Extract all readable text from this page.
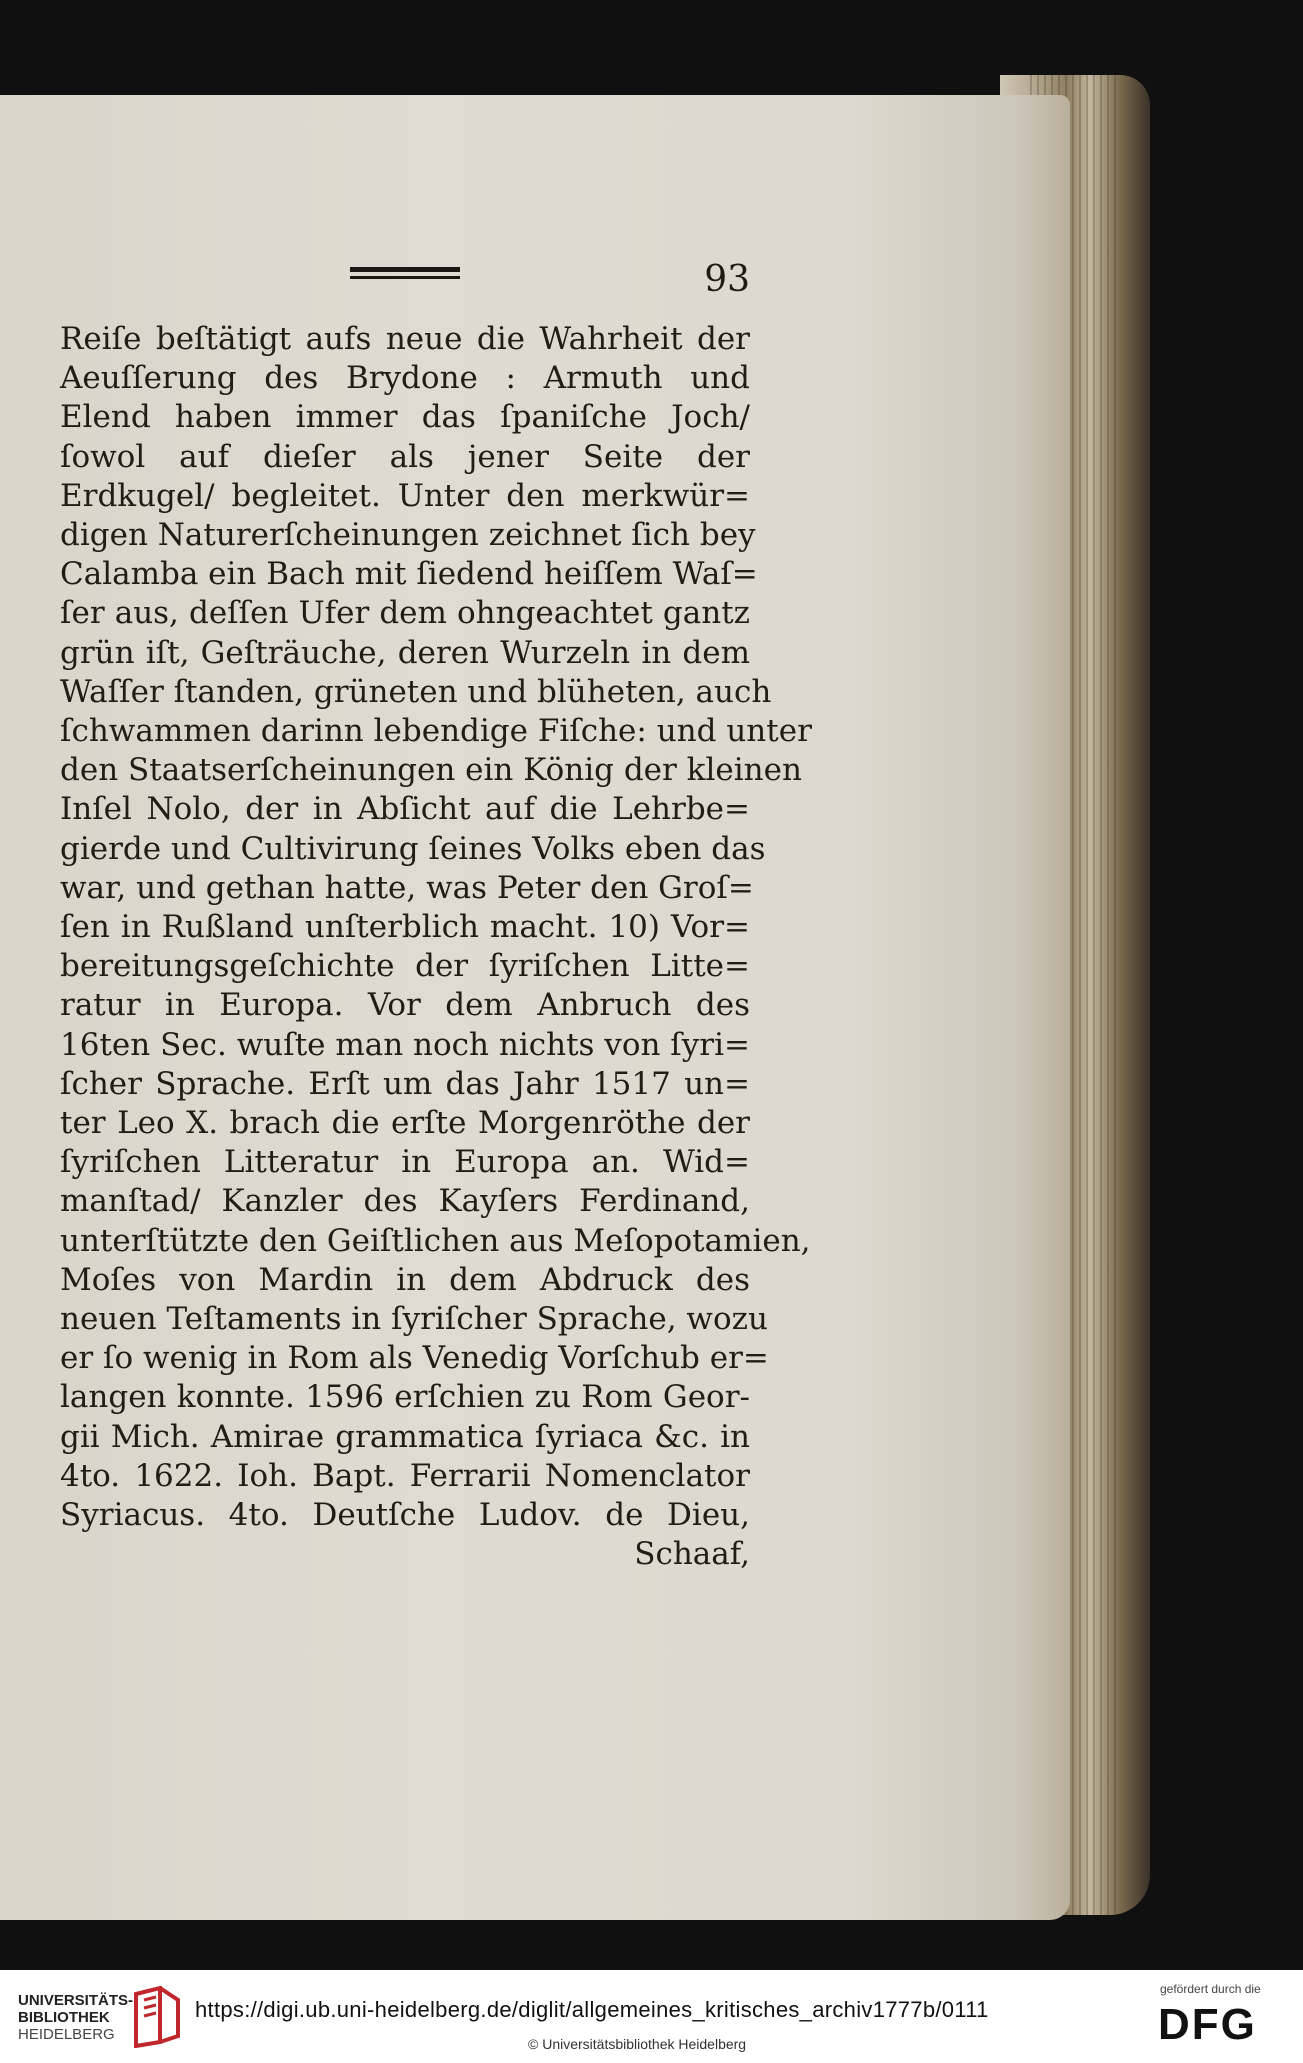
93
Reiſe beſtätigt aufs neue die Wahrheit der
Aeuſſerung des Brydone : Armuth und
Elend haben immer das ſpaniſche Joch/
ſowol auf dieſer als jener Seite der
Erdkugel/ begleitet. Unter den merkwür=
digen Naturerſcheinungen zeichnet ſich bey
Calamba ein Bach mit ſiedend heiſſem Waſ=
ſer aus, deſſen Ufer dem ohngeachtet gantz
grün iſt, Geſträuche, deren Wurzeln in dem
Waſſer ſtanden, grüneten und blüheten, auch
ſchwammen darinn lebendige Fiſche: und unter
den Staatserſcheinungen ein König der kleinen
Inſel Nolo, der in Abſicht auf die Lehrbe=
gierde und Cultivirung ſeines Volks eben das
war, und gethan hatte, was Peter den Groſ=
ſen in Rußland unſterblich macht. 10) Vor=
bereitungsgeſchichte der ſyriſchen Litte=
ratur in Europa. Vor dem Anbruch des
16ten Sec. wuſte man noch nichts von ſyri=
ſcher Sprache. Erſt um das Jahr 1517 un=
ter Leo X. brach die erſte Morgenröthe der
ſyriſchen Litteratur in Europa an. Wid=
manſtad/ Kanzler des Kayſers Ferdinand,
unterſtützte den Geiſtlichen aus Meſopotamien,
Moſes von Mardin in dem Abdruck des
neuen Teſtaments in ſyriſcher Sprache, wozu
er ſo wenig in Rom als Venedig Vorſchub er=
langen konnte. 1596 erſchien zu Rom Geor-
gii Mich. Amirae grammatica ſyriaca &c. in
4to. 1622. Ioh. Bapt. Ferrarii Nomenclator
Syriacus. 4to. Deutſche Ludov. de Dieu,
Schaaf,
UNIVERSITÄTS-
BIBLIOTHEK
HEIDELBERG
https://digi.ub.uni-heidelberg.de/diglit/allgemeines_kritisches_archiv1777b/0111
© Universitätsbibliothek Heidelberg
gefördert durch die
DFG
